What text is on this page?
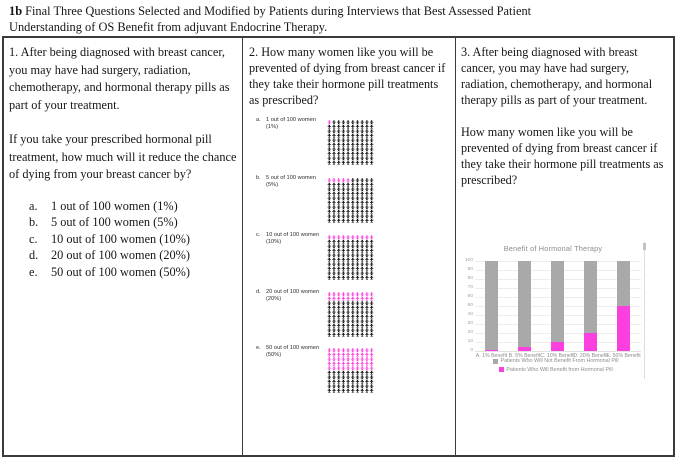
1b Final Three Questions Selected and Modified by Patients during Interviews that Best Assessed Patient Understanding of OS Benefit from adjuvant Endocrine Therapy.

1. After being diagnosed with breast cancer, you may have had surgery, radiation, chemotherapy, and hormonal therapy pills as part of your treatment.

If you take your prescribed hormonal pill treatment, how much will it reduce the chance of dying from your breast cancer by?

a.	1 out of 100 women (1%)
b.	5 out of 100 women (5%)
c.	10 out of 100 women (10%)
d.	20 out of 100 women (20%)
e.	50 out of 100 women (50%)

2. How many women like you will be prevented of dying from breast cancer if they take their hormone pill treatments as prescribed?

a. 1 out of 100 women
(1%)
b. 5 out of 100 women
(5%)
c. 10 out of 100 women
(10%)
d. 20 out of 100 women
(20%)
e. 50 out of 100 women
(50%)

3. After being diagnosed with breast cancer, you may have had surgery, radiation, chemotherapy, and hormonal therapy pills as part of your treatment.

How many women like you will be prevented of dying from breast cancer if they take their hormone pill treatments as prescribed?

Benefit of Hormonal Therapy
0
10
20
30
40
50
60
70
80
90
100
A. 1% Benefit B. 5% Benefit C. 10% Benefit
D. 20% Benefit
E. 50% Benefit
Patients Who Will Not Benefit From Hormonal Pill
Patients Who Will Benefit from Hormonal Pill
